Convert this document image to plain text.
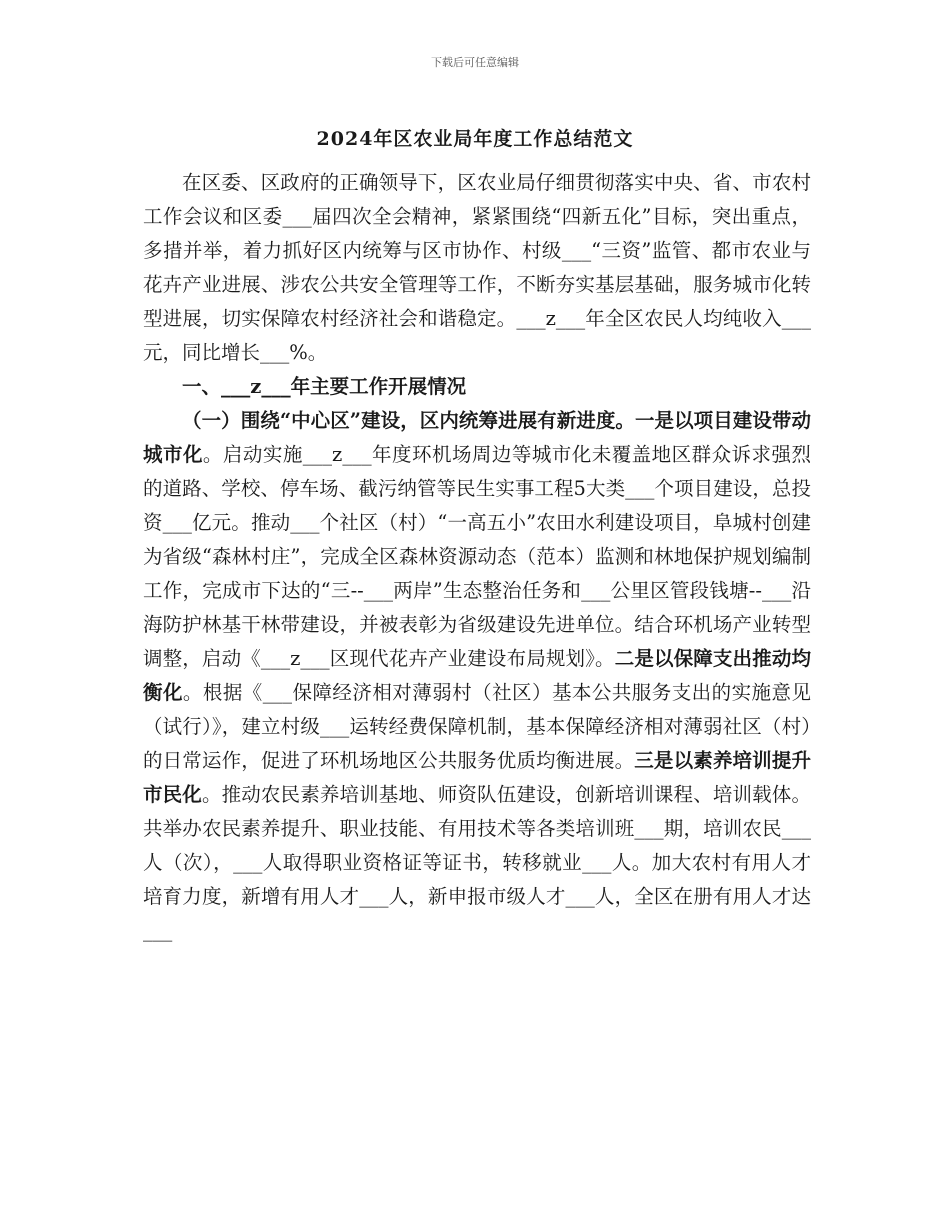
下载后可任意编辑
2024年区农业局年度工作总结范文

在区委、区政府的正确领导下，区农业局仔细贯彻落实中央、省、市农村工作会议和区委___届四次全会精神，紧紧围绕“四新五化”目标，突出重点，多措并举，着力抓好区内统筹与区市协作、村级___“三资”监管、都市农业与花卉产业进展、涉农公共安全管理等工作，不断夯实基层基础，服务城市化转型进展，切实保障农村经济社会和谐稳定。___z___年全区农民人均纯收入___元，同比增长___%。

一、___z___年主要工作开展情况

（一）围绕“中心区”建设，区内统筹进展有新进度。一是以项目建设带动城市化。启动实施___z___年度环机场周边等城市化未覆盖地区群众诉求强烈的道路、学校、停车场、截污纳管等民生实事工程5大类___个项目建设，总投资___亿元。推动___个社区（村）“一高五小”农田水利建设项目，阜城村创建为省级“森林村庄”，完成全区森林资源动态（范本）监测和林地保护规划编制工作，完成市下达的“三--___两岸”生态整治任务和___公里区管段钱塘--___沿海防护林基干林带建设，并被表彰为省级建设先进单位。结合环机场产业转型调整，启动《___z___区现代花卉产业建设布局规划》。二是以保障支出推动均衡化。根据《___保障经济相对薄弱村（社区）基本公共服务支出的实施意见（试行）》，建立村级___运转经费保障机制，基本保障经济相对薄弱社区（村）的日常运作，促进了环机场地区公共服务优质均衡进展。三是以素养培训提升市民化。推动农民素养培训基地、师资队伍建设，创新培训课程、培训载体。共举办农民素养提升、职业技能、有用技术等各类培训班___期，培训农民___人（次），___人取得职业资格证等证书，转移就业___人。加大农村有用人才培育力度，新增有用人才___人，新申报市级人才___人，全区在册有用人才达___
